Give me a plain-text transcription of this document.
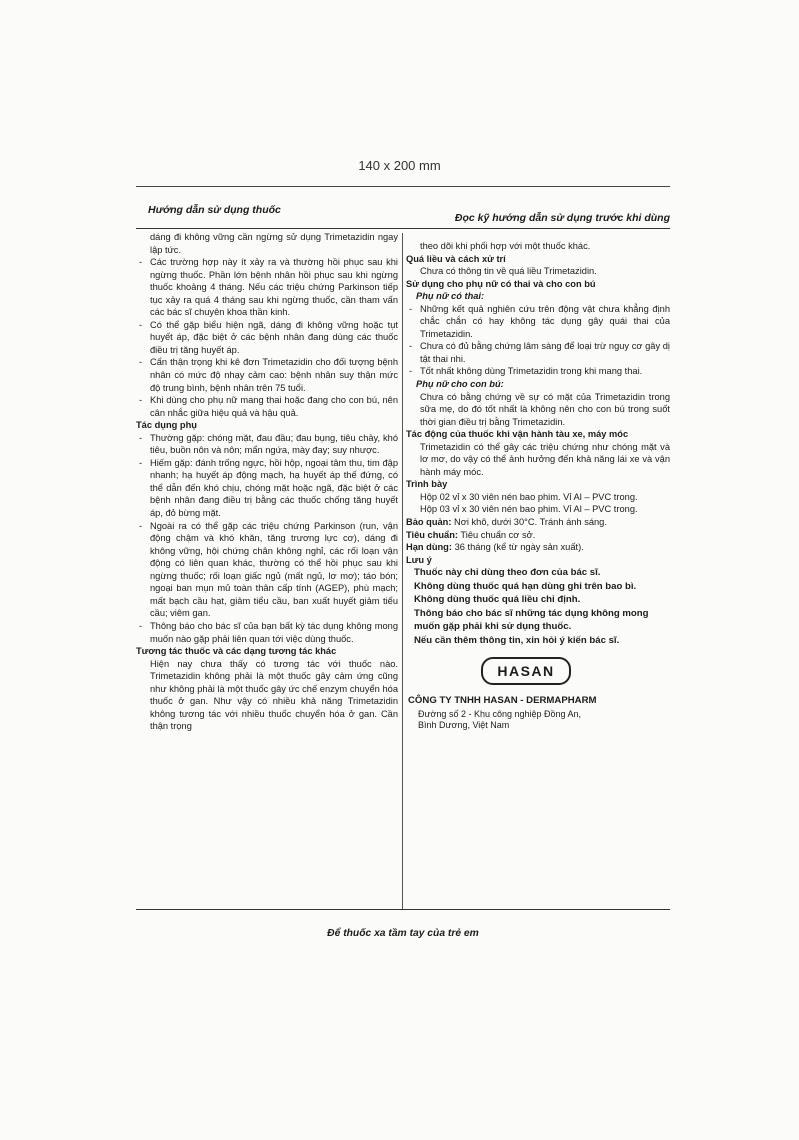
140 x 200 mm
Hướng dẫn sử dụng thuốc
Đọc kỹ hướng dẫn sử dụng trước khi dùng

dáng đi không vững cần ngừng sử dụng Trimetazidin ngay lập tức.

- Các trường hợp này ít xảy ra và thường hồi phục sau khi ngừng thuốc. Phần lớn bệnh nhân hồi phục sau khi ngừng thuốc khoảng 4 tháng. Nếu các triệu chứng Parkinson tiếp tục xảy ra quá 4 tháng sau khi ngừng thuốc, cần tham vấn các bác sĩ chuyên khoa thần kinh.

- Có thể gặp biểu hiện ngã, dáng đi không vững hoặc tụt huyết áp, đặc biệt ở các bệnh nhân đang dùng các thuốc điều trị tăng huyết áp.

- Cẩn thận trọng khi kê đơn Trimetazidin cho đối tượng bệnh nhân có mức độ nhạy cảm cao: bệnh nhân suy thận mức độ trung bình, bệnh nhân trên 75 tuổi.

- Khi dùng cho phụ nữ mang thai hoặc đang cho con bú, nên cân nhắc giữa hiệu quả và hậu quả.

Tác dụng phụ

- Thường gặp: chóng mặt, đau đầu; đau bụng, tiêu chảy, khó tiêu, buồn nôn và nôn; mẩn ngứa, mày đay; suy nhược.

- Hiếm gặp: đánh trống ngực, hồi hộp, ngoại tâm thu, tim đập nhanh; hạ huyết áp động mạch, hạ huyết áp thế đứng, có thể dẫn đến khó chịu, chóng mặt hoặc ngã, đặc biệt ở các bệnh nhân đang điều trị bằng các thuốc chống tăng huyết áp, đỏ bừng mặt.

- Ngoài ra có thể gặp các triệu chứng Parkinson (run, vận động chậm và khó khăn, tăng trương lực cơ), dáng đi không vững, hội chứng chân không nghỉ, các rối loạn vận động có liên quan khác, thường có thể hồi phục sau khi ngừng thuốc; rối loạn giấc ngủ (mất ngủ, lơ mơ); táo bón; ngoại ban mụn mủ toàn thân cấp tính (AGEP), phù mạch; mất bạch cầu hạt, giảm tiểu cầu, ban xuất huyết giảm tiểu cầu; viêm gan.

- Thông báo cho bác sĩ của bạn bất kỳ tác dụng không mong muốn nào gặp phải liên quan tới việc dùng thuốc.

Tương tác thuốc và các dạng tương tác khác

Hiện nay chưa thấy có tương tác với thuốc nào. Trimetazidin không phải là một thuốc gây cảm ứng cũng như không phải là một thuốc gây ức chế enzym chuyển hóa thuốc ở gan. Như vậy có nhiều khả năng Trimetazidin không tương tác với nhiều thuốc chuyển hóa ở gan. Cần thận trọng

theo dõi khi phối hợp với một thuốc khác.

Quá liều và cách xử trí

Chưa có thông tin về quá liều Trimetazidin.

Sử dụng cho phụ nữ có thai và cho con bú

Phụ nữ có thai:

- Những kết quả nghiên cứu trên động vật chưa khẳng định chắc chắn có hay không tác dụng gây quái thai của Trimetazidin.

- Chưa có đủ bằng chứng lâm sàng để loại trừ nguy cơ gây dị tật thai nhi.

- Tốt nhất không dùng Trimetazidin trong khi mang thai.

Phụ nữ cho con bú:

Chưa có bằng chứng về sự có mặt của Trimetazidin trong sữa mẹ, do đó tốt nhất là không nên cho con bú trong suốt thời gian điều trị bằng Trimetazidin.

Tác động của thuốc khi vận hành tàu xe, máy móc

Trimetazidin có thể gây các triệu chứng như chóng mặt và lơ mơ, do vậy có thể ảnh hưởng đến khả năng lái xe và vận hành máy móc.

Trình bày

Hộp 02 vỉ x 30 viên nén bao phim. Vỉ Al – PVC trong.

Hộp 03 vỉ x 30 viên nén bao phim. Vỉ Al – PVC trong.

Bảo quản: Nơi khô, dưới 30°C. Tránh ánh sáng.

Tiêu chuẩn: Tiêu chuẩn cơ sở.

Hạn dùng: 36 tháng (kể từ ngày sản xuất).

Lưu ý

Thuốc này chỉ dùng theo đơn của bác sĩ.

Không dùng thuốc quá hạn dùng ghi trên bao bì.

Không dùng thuốc quá liều chỉ định.

Thông báo cho bác sĩ những tác dụng không mong muốn gặp phải khi sử dụng thuốc.

Nếu cần thêm thông tin, xin hỏi ý kiến bác sĩ.

HASAN

CÔNG TY TNHH HASAN - DERMAPHARM

Đường số 2 - Khu công nghiệp Đồng An,
Bình Dương, Việt Nam

Để thuốc xa tầm tay của trẻ em
